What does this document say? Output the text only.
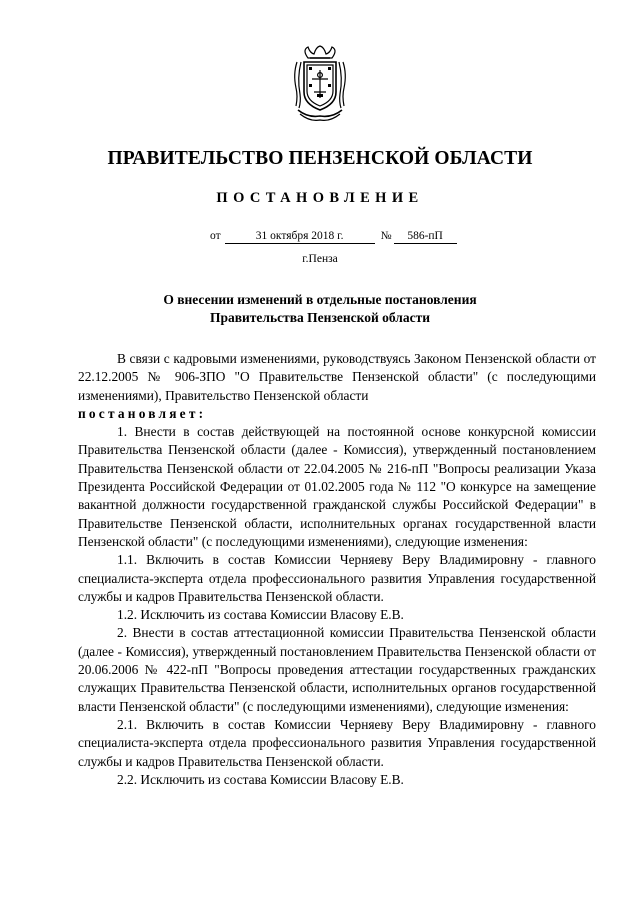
ПРАВИТЕЛЬСТВО ПЕНЗЕНСКОЙ ОБЛАСТИ
ПОСТАНОВЛЕНИЕ
от	31 октября 2018 г.	№ 586-пП
г.Пенза
О внесении изменений в отдельные постановления
Правительства Пензенской области

В связи с кадровыми изменениями, руководствуясь Законом Пензенской области от 22.12.2005 № 906-ЗПО "О Правительстве Пензенской области" (с последующими изменениями), Правительство Пензенской области

постановляет:

1. Внести в состав действующей на постоянной основе конкурсной комиссии Правительства Пензенской области (далее - Комиссия), утвержденный постановлением Правительства Пензенской области от 22.04.2005 № 216-пП "Вопросы реализации Указа Президента Российской Федерации от 01.02.2005 года № 112 "О конкурсе на замещение вакантной должности государственной гражданской службы Российской Федерации" в Правительстве Пензенской области, исполнительных органах государственной власти Пензенской области" (с последующими изменениями), следующие изменения:

1.1. Включить в состав Комиссии Черняеву Веру Владимировну - главного специалиста-эксперта отдела профессионального развития Управления государственной службы и кадров Правительства Пензенской области.

1.2. Исключить из состава Комиссии Власову Е.В.

2. Внести в состав аттестационной комиссии Правительства Пензенской области (далее - Комиссия), утвержденный постановлением Правительства Пензенской области от 20.06.2006 № 422-пП "Вопросы проведения аттестации государственных гражданских служащих Правительства Пензенской области, исполнительных органов государственной власти Пензенской области" (с последующими изменениями), следующие изменения:

2.1. Включить в состав Комиссии Черняеву Веру Владимировну - главного специалиста-эксперта отдела профессионального развития Управления государственной службы и кадров Правительства Пензенской области.

2.2. Исключить из состава Комиссии Власову Е.В.
